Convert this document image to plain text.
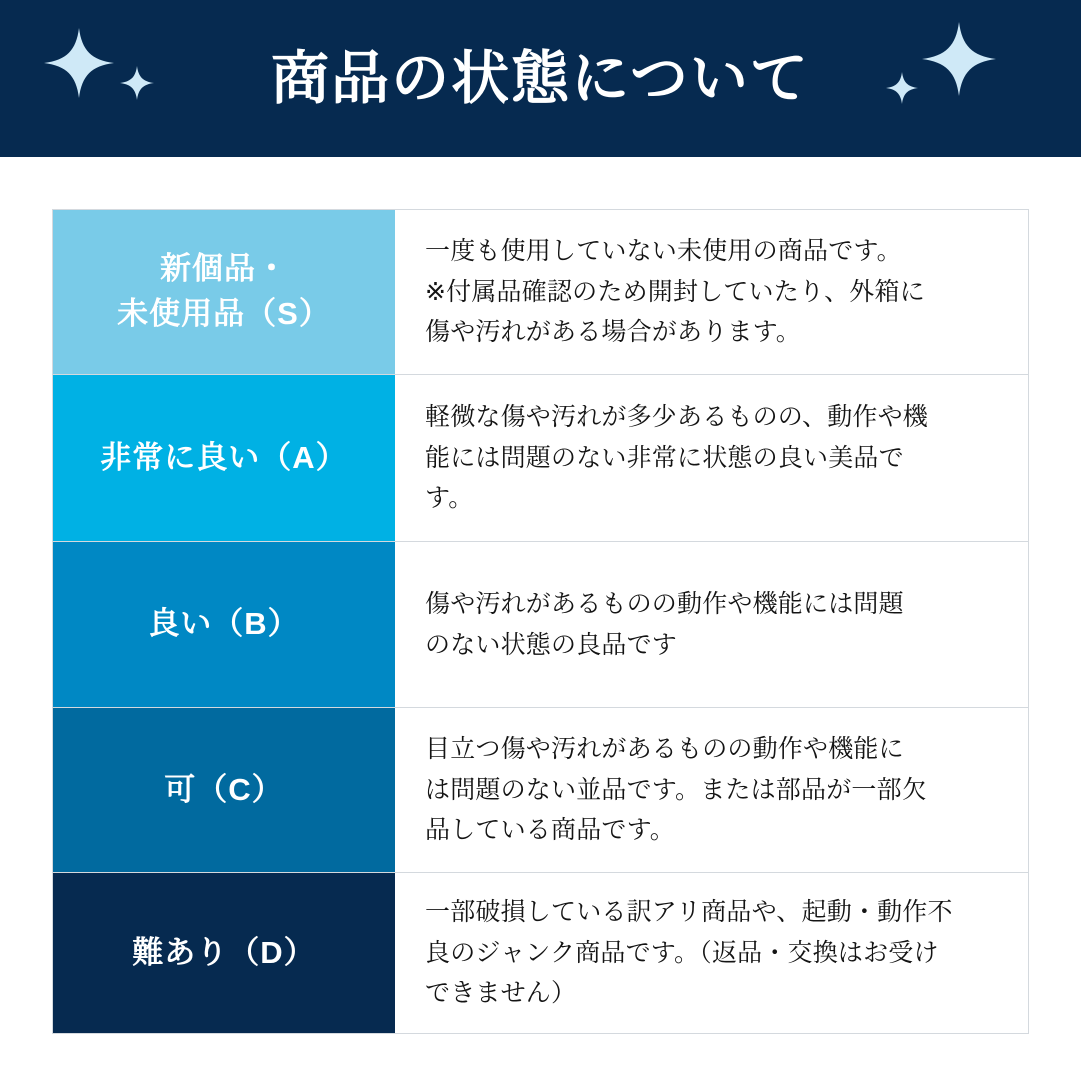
商品の状態について
新個品・
未使用品（S）
一度も使用していない未使用の商品です。
※付属品確認のため開封していたり、外箱に
傷や汚れがある場合があります。
非常に良い（A）
軽微な傷や汚れが多少あるものの、動作や機
能には問題のない非常に状態の良い美品で
す。
良い（B）
傷や汚れがあるものの動作や機能には問題
のない状態の良品です
可（C）
目立つ傷や汚れがあるものの動作や機能に
は問題のない並品です。または部品が一部欠
品している商品です。
難あり（D）
一部破損している訳アリ商品や、起動・動作不
良のジャンク商品です。（返品・交換はお受け
できません）
